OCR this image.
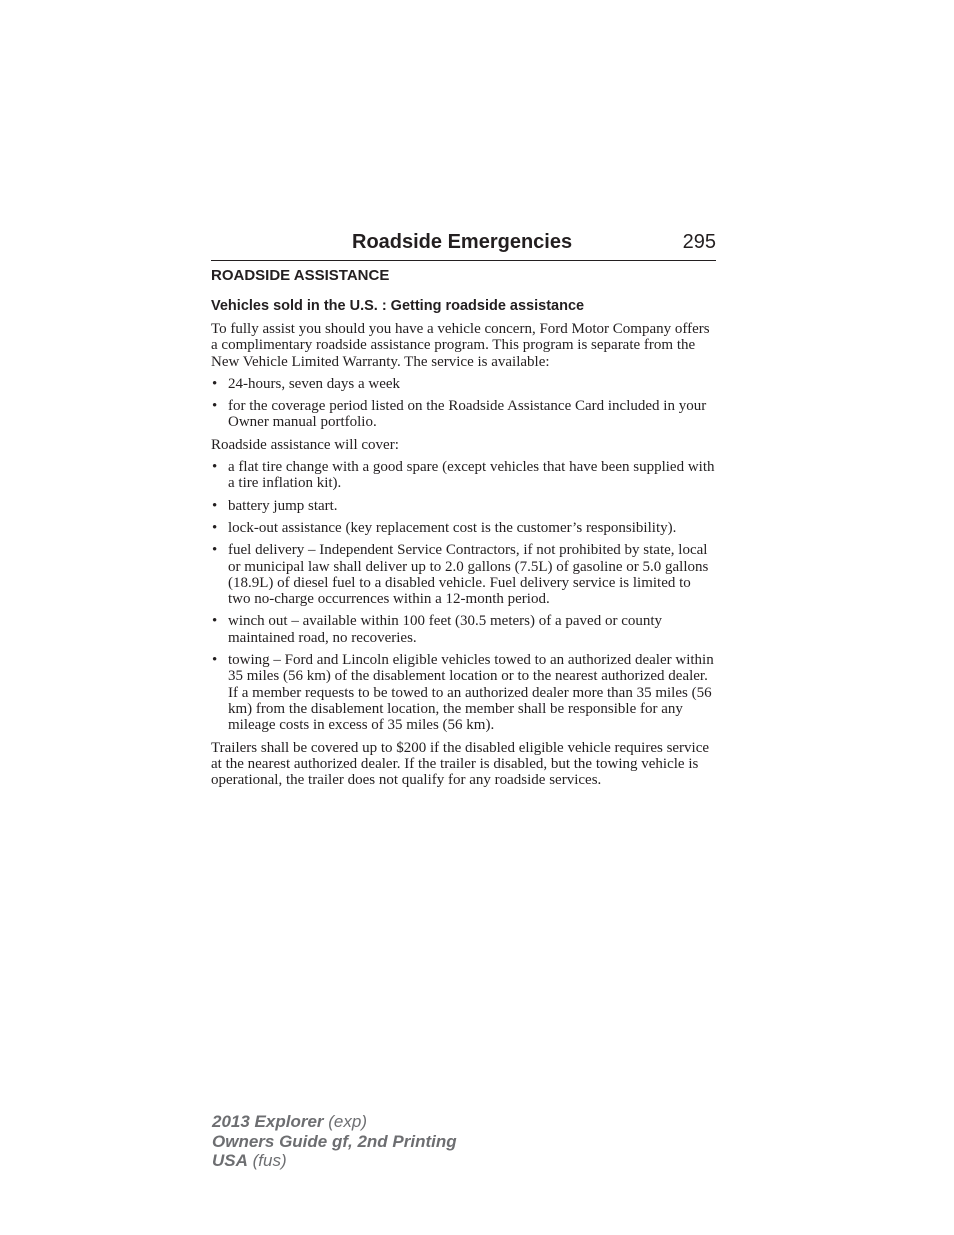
Roadside Emergencies	295
ROADSIDE ASSISTANCE
Vehicles sold in the U.S. : Getting roadside assistance

To fully assist you should you have a vehicle concern, Ford Motor Company offers a complimentary roadside assistance program. This program is separate from the New Vehicle Limited Warranty. The service is available:

• 24-hours, seven days a week
• for the coverage period listed on the Roadside Assistance Card included in your Owner manual portfolio.

Roadside assistance will cover:

• a flat tire change with a good spare (except vehicles that have been supplied with a tire inflation kit).
• battery jump start.
• lock-out assistance (key replacement cost is the customer’s responsibility).
• fuel delivery – Independent Service Contractors, if not prohibited by state, local or municipal law shall deliver up to 2.0 gallons (7.5L) of gasoline or 5.0 gallons (18.9L) of diesel fuel to a disabled vehicle. Fuel delivery service is limited to two no-charge occurrences within a 12-month period.
• winch out – available within 100 feet (30.5 meters) of a paved or county maintained road, no recoveries.
• towing – Ford and Lincoln eligible vehicles towed to an authorized dealer within 35 miles (56 km) of the disablement location or to the nearest authorized dealer. If a member requests to be towed to an authorized dealer more than 35 miles (56 km) from the disablement location, the member shall be responsible for any mileage costs in excess of 35 miles (56 km).

Trailers shall be covered up to $200 if the disabled eligible vehicle requires service at the nearest authorized dealer. If the trailer is disabled, but the towing vehicle is operational, the trailer does not qualify for any roadside services.

2013 Explorer (exp)
Owners Guide gf, 2nd Printing
USA (fus)
